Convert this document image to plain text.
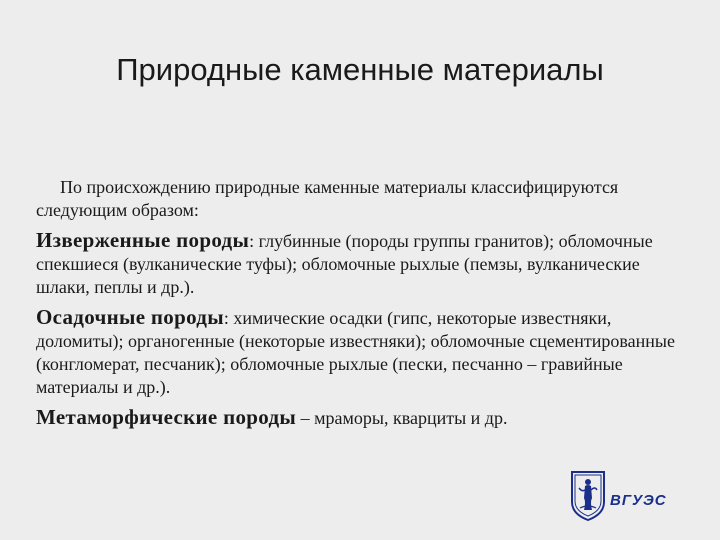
Природные каменные материалы

По происхождению природные каменные материалы классифицируются следующим образом:

Изверженные породы: глубинные (породы группы гранитов); обломочные спекшиеся (вулканические туфы); обломочные рыхлые (пемзы, вулканические шлаки, пеплы и др.).

Осадочные породы: химические осадки (гипс, некоторые известняки, доломиты); органогенные (некоторые известняки); обломочные сцементированные (конгломерат, песчаник); обломочные рыхлые (пески, песчанно – гравийные материалы и др.).

Метаморфические породы – мраморы, кварциты и др.

ВГУЭС
